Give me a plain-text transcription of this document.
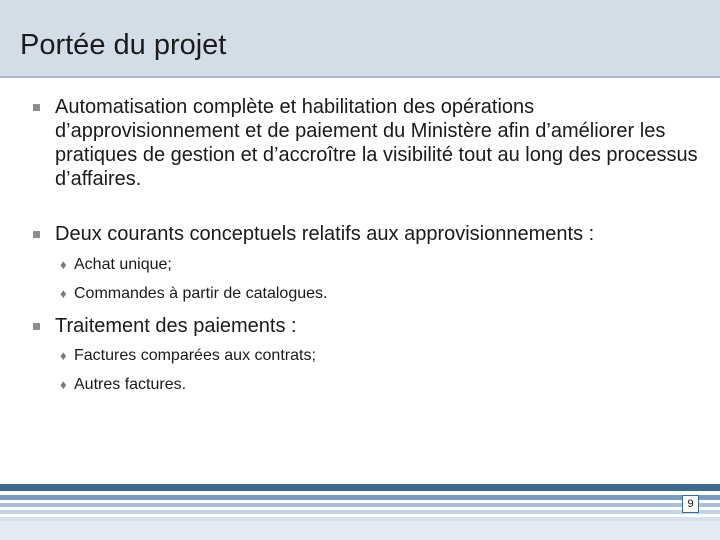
Portée du projet
Automatisation complète et habilitation des opérations d’approvisionnement et de paiement du Ministère afin d’améliorer les pratiques de gestion et d’accroître la visibilité tout au long des processus d’affaires.
Deux courants conceptuels relatifs aux approvisionnements :
♦ Achat unique;
♦ Commandes à partir de catalogues.
Traitement des paiements :
♦ Factures comparées aux contrats;
♦ Autres factures.
9
